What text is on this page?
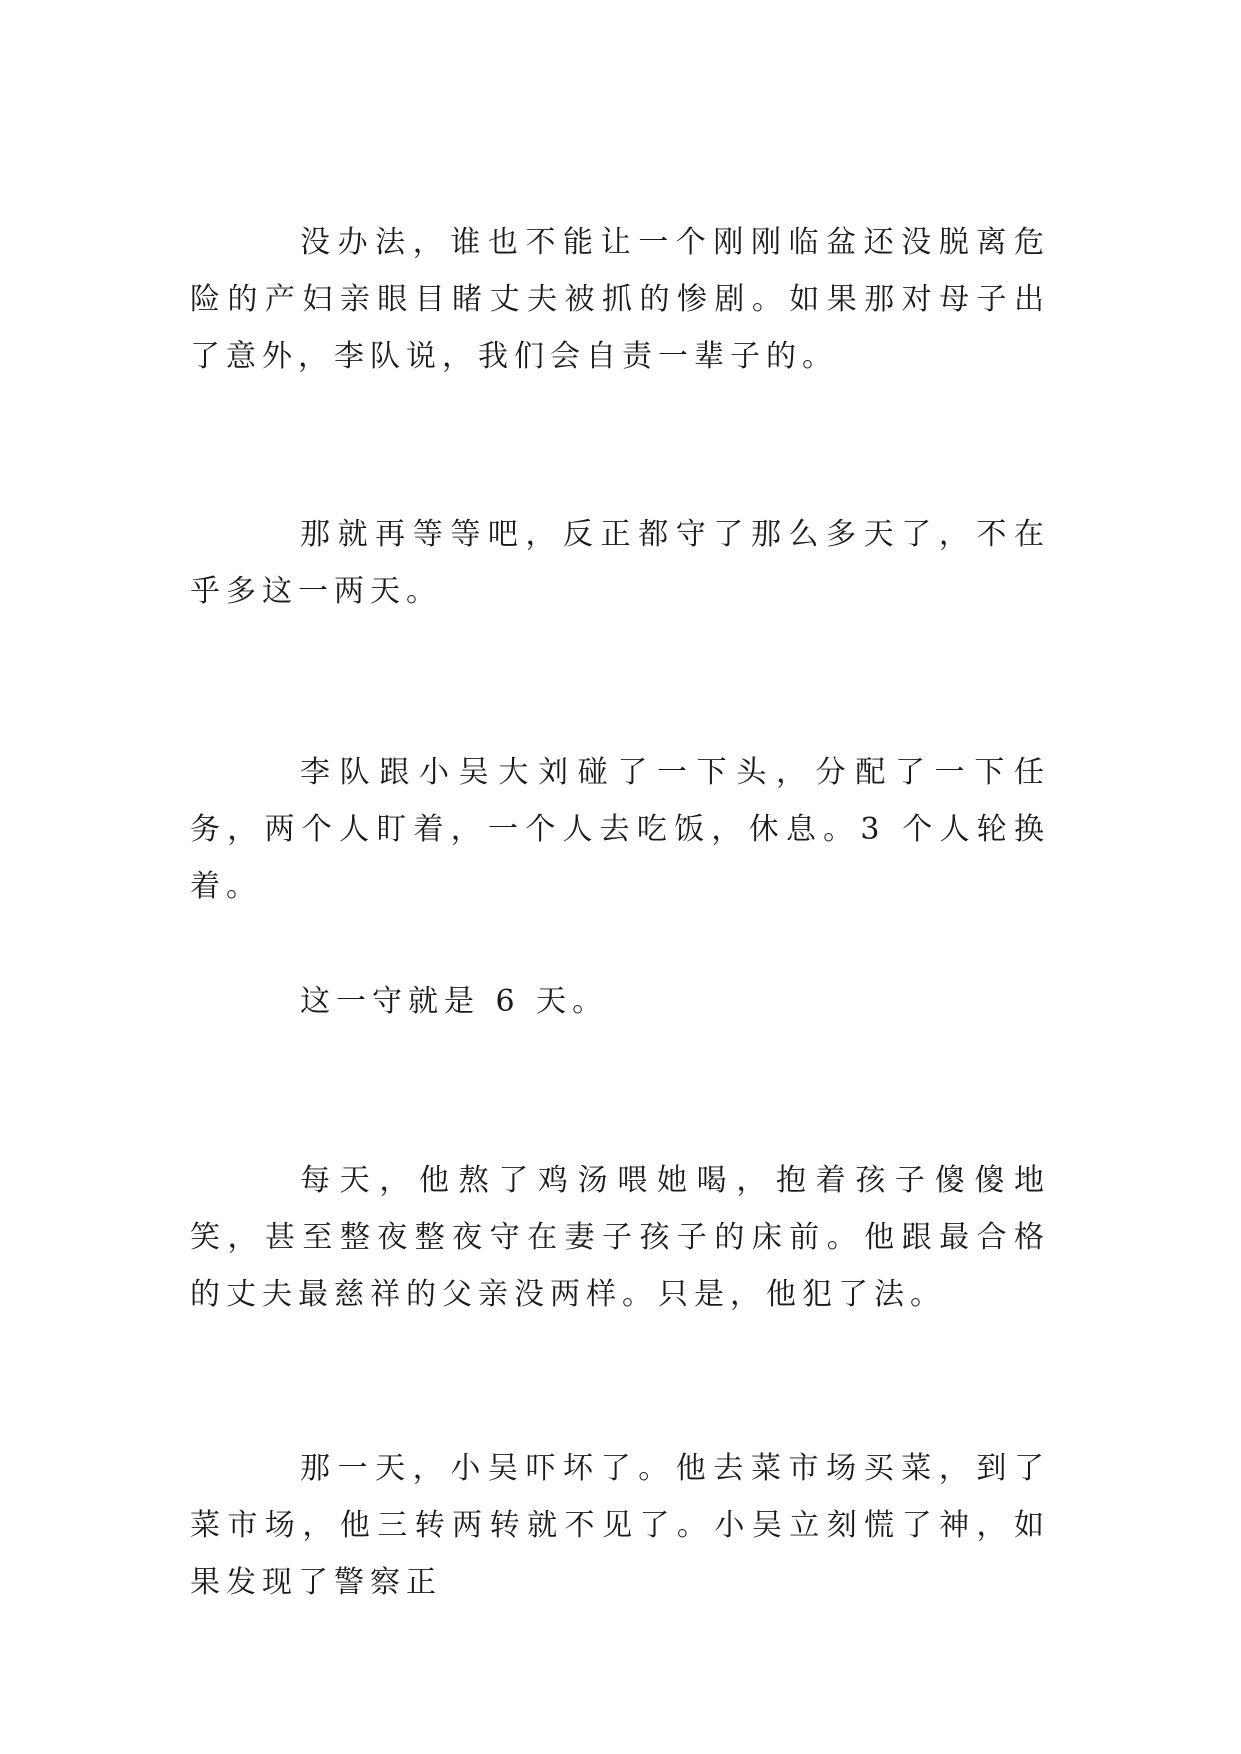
没办法，谁也不能让一个刚刚临盆还没脱离危险的产妇亲眼目睹丈夫被抓的惨剧。如果那对母子出了意外，李队说，我们会自责一辈子的。

那就再等等吧，反正都守了那么多天了，不在乎多这一两天。

李队跟小吴大刘碰了一下头，分配了一下任务，两个人盯着，一个人去吃饭，休息。3 个人轮换着。

这一守就是 6 天。

每天，他熬了鸡汤喂她喝，抱着孩子傻傻地笑，甚至整夜整夜守在妻子孩子的床前。他跟最合格的丈夫最慈祥的父亲没两样。只是，他犯了法。

那一天，小吴吓坏了。他去菜市场买菜，到了菜市场，他三转两转就不见了。小吴立刻慌了神，如果发现了警察正
